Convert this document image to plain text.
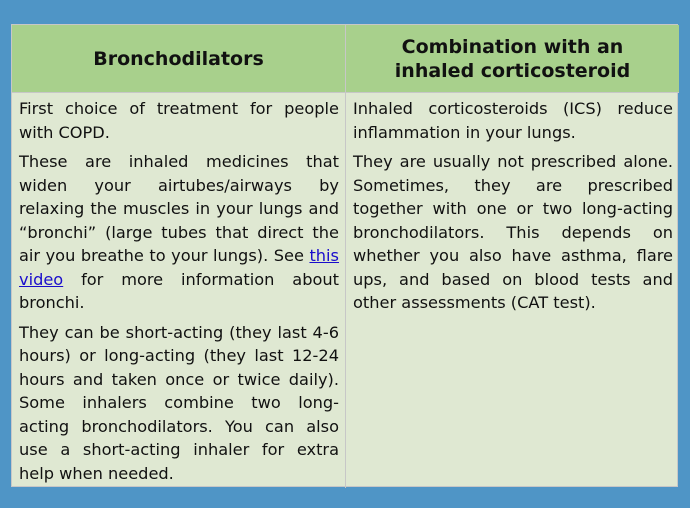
Bronchodilators
Combination with an inhaled corticosteroid

First choice of treatment for people with COPD.

These are inhaled medicines that widen your airtubes/airways by relaxing the muscles in your lungs and “bronchi” (large tubes that direct the air you breathe to your lungs). See this video for more information about bronchi.

They can be short-acting (they last 4-6 hours) or long-acting (they last 12-24 hours and taken once or twice daily). Some inhalers combine two long-acting bronchodilators. You can also use a short-acting inhaler for extra help when needed.

Inhaled corticosteroids (ICS) reduce inflammation in your lungs.

They are usually not prescribed alone. Sometimes, they are prescribed together with one or two long-acting bronchodilators. This depends on whether you also have asthma, flare ups, and based on blood tests and other assessments (CAT test).
